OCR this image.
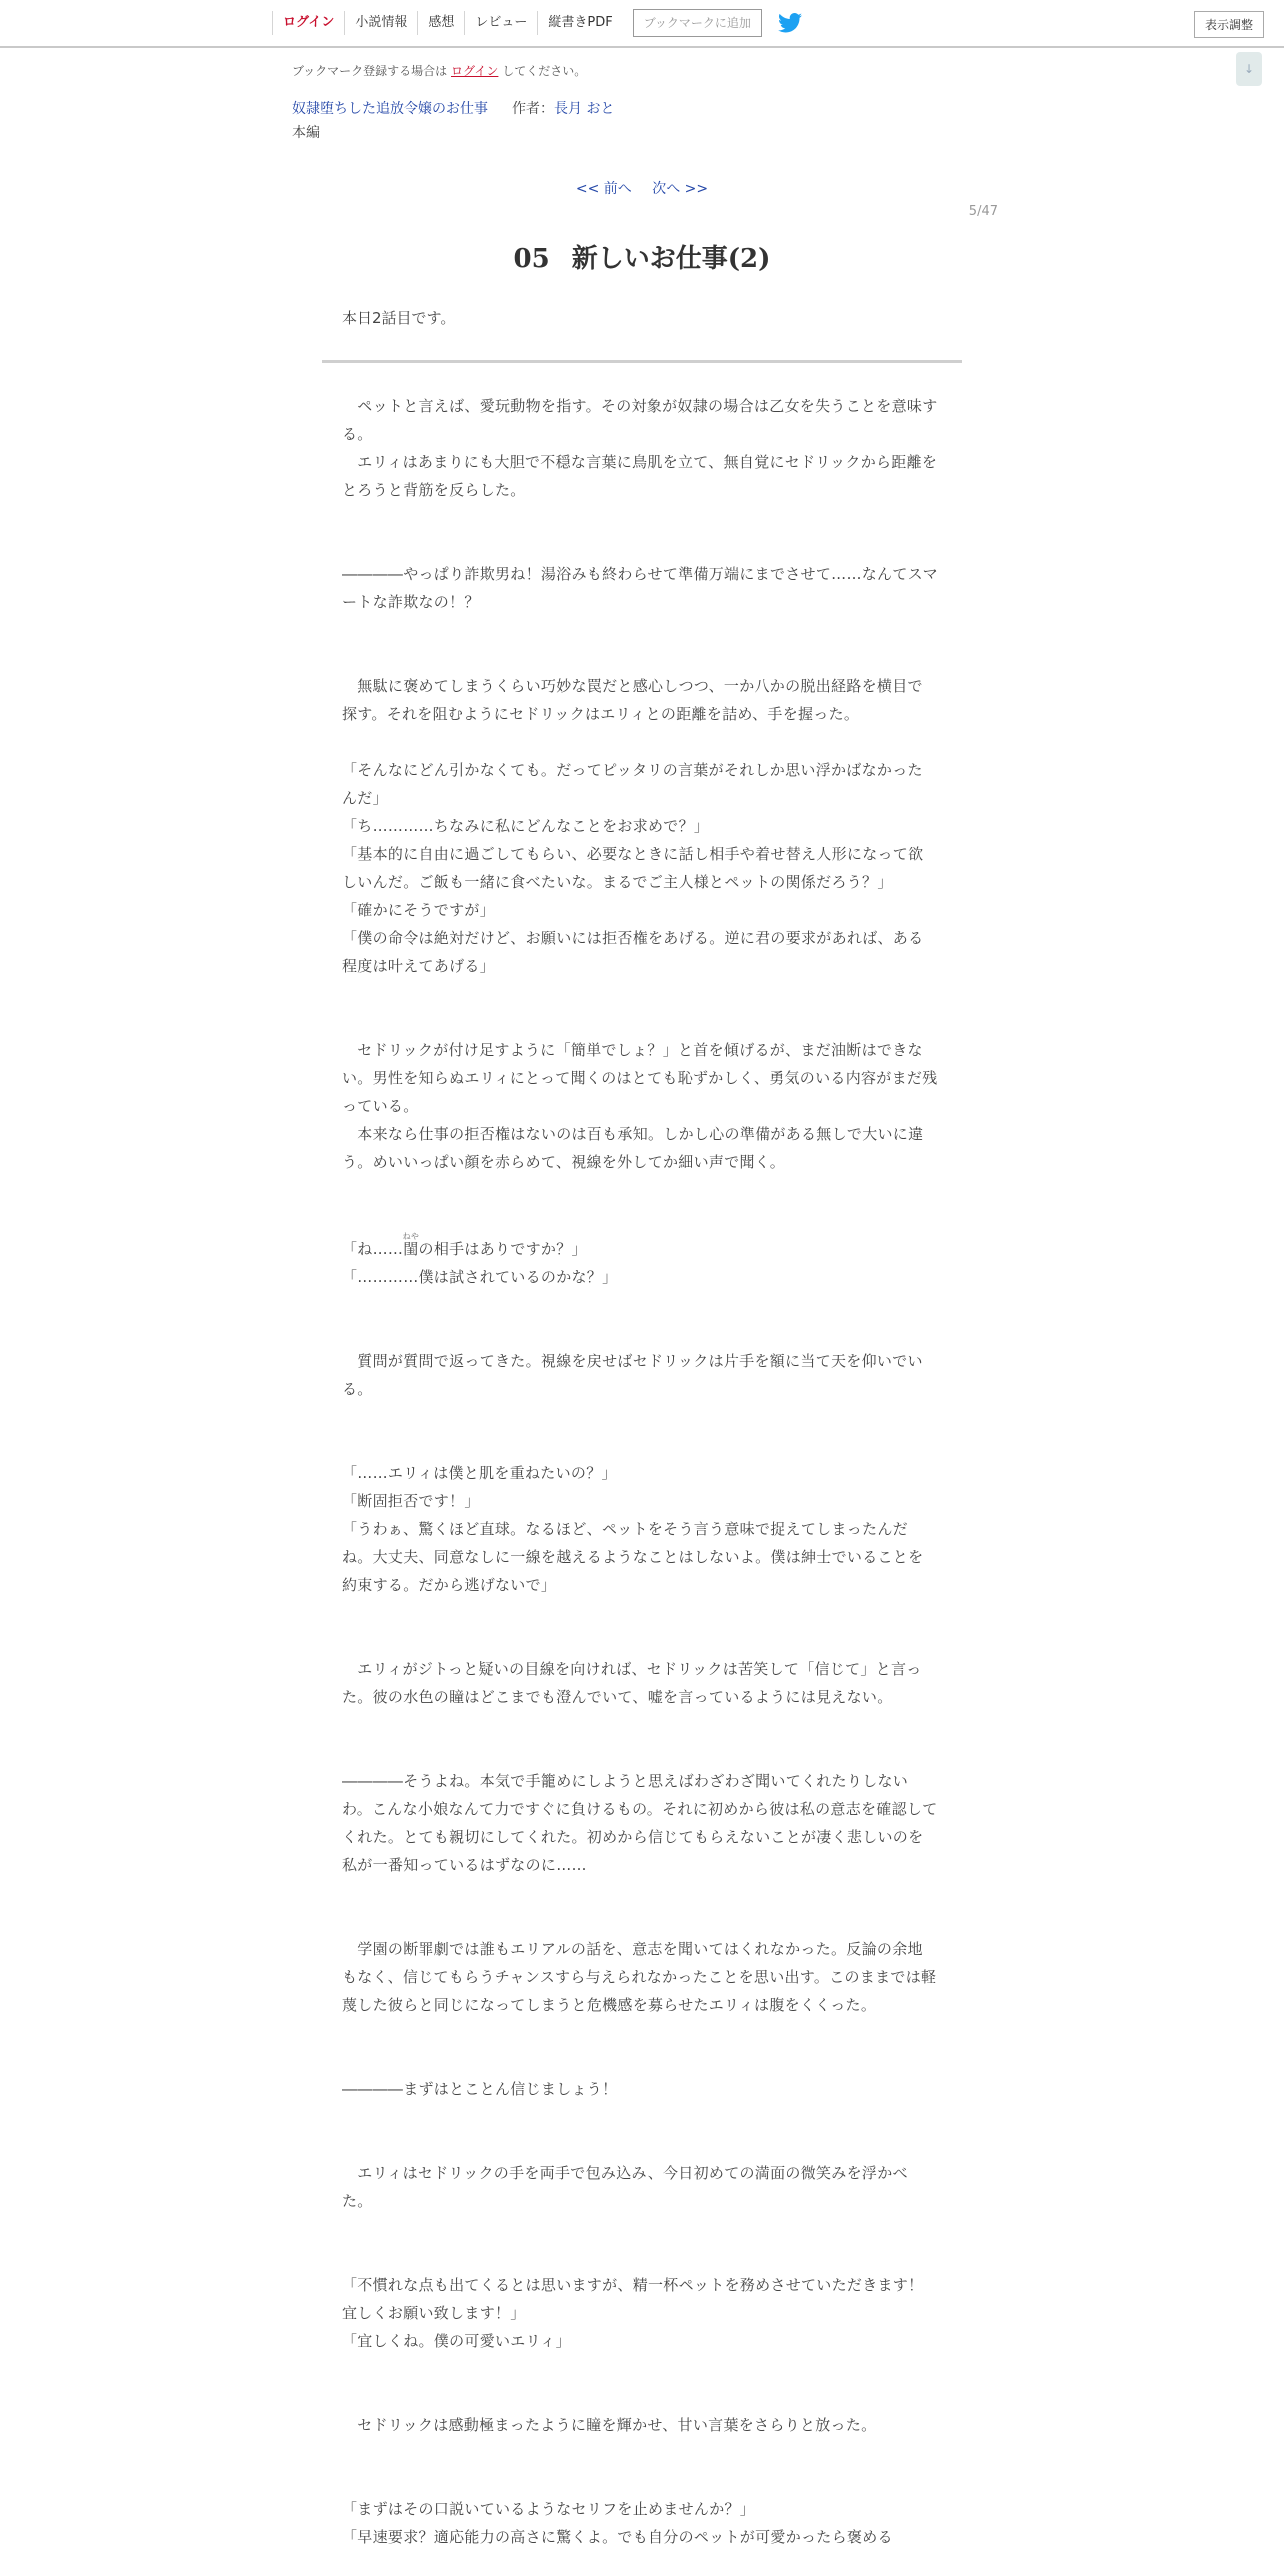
ログイン	小説情報	感想	レビュー	縦書きPDF	ブックマークに追加	表示調整
↓
ブックマーク登録する場合は ログイン してください。
奴隷堕ちした追放令嬢のお仕事 作者：長月 おと
本編
<< 前へ 次へ >>
5/47
05 新しいお仕事(2)
本日2話目です。

　ペットと言えば、愛玩動物を指す。その対象が奴隷の場合は乙女を失うことを意味する。

　エリィはあまりにも大胆で不穏な言葉に鳥肌を立て、無自覚にセドリックから距離をとろうと背筋を反らした。

――――やっぱり詐欺男ね！湯浴みも終わらせて準備万端にまでさせて……なんてスマートな詐欺なの！？

　無駄に褒めてしまうくらい巧妙な罠だと感心しつつ、一か八かの脱出経路を横目で探す。それを阻むようにセドリックはエリィとの距離を詰め、手を握った。

「そんなにどん引かなくても。だってピッタリの言葉がそれしか思い浮かばなかったんだ」

「ち…………ちなみに私にどんなことをお求めで？」

「基本的に自由に過ごしてもらい、必要なときに話し相手や着せ替え人形になって欲しいんだ。ご飯も一緒に食べたいな。まるでご主人様とペットの関係だろう？」

「確かにそうですが」

「僕の命令は絶対だけど、お願いには拒否権をあげる。逆に君の要求があれば、ある程度は叶えてあげる」

　セドリックが付け足すように「簡単でしょ？」と首を傾げるが、まだ油断はできない。男性を知らぬエリィにとって聞くのはとても恥ずかしく、勇気のいる内容がまだ残っている。

　本来なら仕事の拒否権はないのは百も承知。しかし心の準備がある無しで大いに違う。めいいっぱい顔を赤らめて、視線を外してか細い声で聞く。

「ね……閨ねやの相手はありですか？」

「…………僕は試されているのかな？」

　質問が質問で返ってきた。視線を戻せばセドリックは片手を額に当て天を仰いでいる。

「……エリィは僕と肌を重ねたいの？」

「断固拒否です！」

「うわぁ、驚くほど直球。なるほど、ペットをそう言う意味で捉えてしまったんだね。大丈夫、同意なしに一線を越えるようなことはしないよ。僕は紳士でいることを約束する。だから逃げないで」

　エリィがジトっと疑いの目線を向ければ、セドリックは苦笑して「信じて」と言った。彼の水色の瞳はどこまでも澄んでいて、嘘を言っているようには見えない。

――――そうよね。本気で手籠めにしようと思えばわざわざ聞いてくれたりしないわ。こんな小娘なんて力ですぐに負けるもの。それに初めから彼は私の意志を確認してくれた。とても親切にしてくれた。初めから信じてもらえないことが凄く悲しいのを私が一番知っているはずなのに……

　学園の断罪劇では誰もエリアルの話を、意志を聞いてはくれなかった。反論の余地もなく、信じてもらうチャンスすら与えられなかったことを思い出す。このままでは軽蔑した彼らと同じになってしまうと危機感を募らせたエリィは腹をくくった。

――――まずはとことん信じましょう！

　エリィはセドリックの手を両手で包み込み、今日初めての満面の微笑みを浮かべた。

「不慣れな点も出てくるとは思いますが、精一杯ペットを務めさせていただきます！宜しくお願い致します！」

「宜しくね。僕の可愛いエリィ」

　セドリックは感動極まったように瞳を輝かせ、甘い言葉をさらりと放った。

「まずはその口説いているようなセリフを止めませんか？」

「早速要求？適応能力の高さに驚くよ。でも自分のペットが可愛かったら褒める
